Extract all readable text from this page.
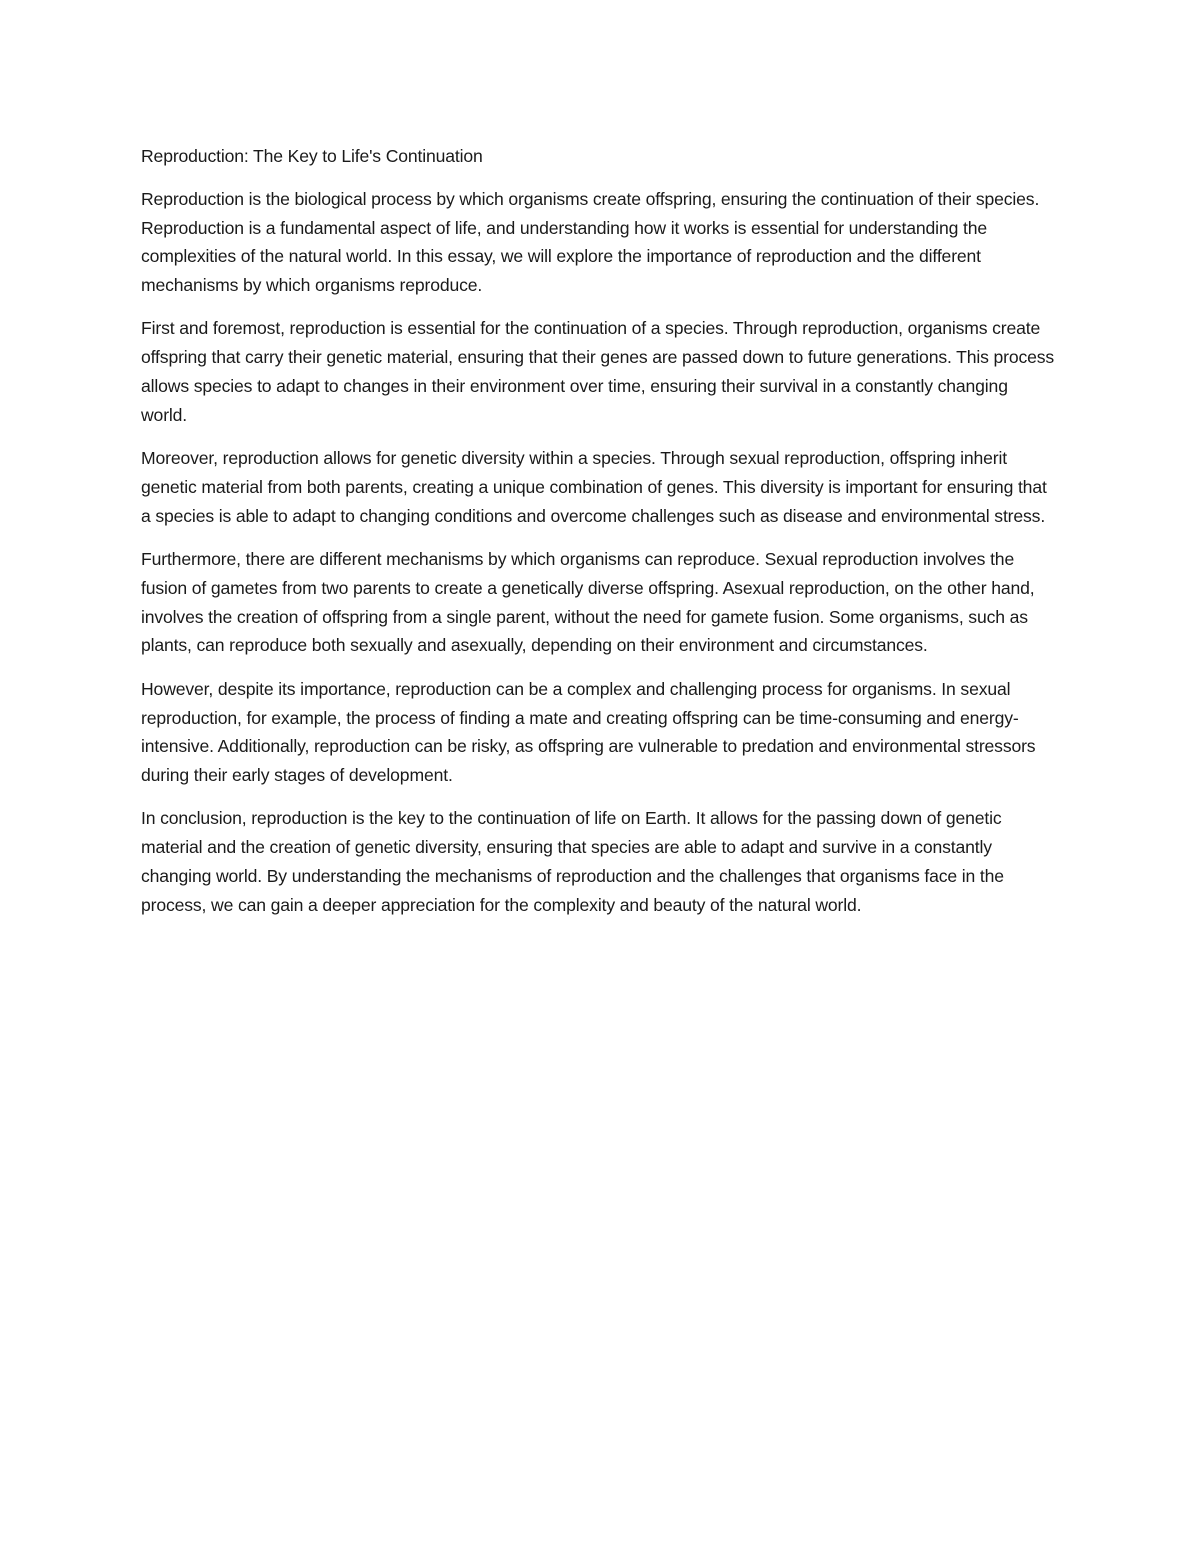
Reproduction: The Key to Life's Continuation

Reproduction is the biological process by which organisms create offspring, ensuring the continuation of their species. Reproduction is a fundamental aspect of life, and understanding how it works is essential for understanding the complexities of the natural world. In this essay, we will explore the importance of reproduction and the different mechanisms by which organisms reproduce.

First and foremost, reproduction is essential for the continuation of a species. Through reproduction, organisms create offspring that carry their genetic material, ensuring that their genes are passed down to future generations. This process allows species to adapt to changes in their environment over time, ensuring their survival in a constantly changing world.

Moreover, reproduction allows for genetic diversity within a species. Through sexual reproduction, offspring inherit genetic material from both parents, creating a unique combination of genes. This diversity is important for ensuring that a species is able to adapt to changing conditions and overcome challenges such as disease and environmental stress.

Furthermore, there are different mechanisms by which organisms can reproduce. Sexual reproduction involves the fusion of gametes from two parents to create a genetically diverse offspring. Asexual reproduction, on the other hand, involves the creation of offspring from a single parent, without the need for gamete fusion. Some organisms, such as plants, can reproduce both sexually and asexually, depending on their environment and circumstances.

However, despite its importance, reproduction can be a complex and challenging process for organisms. In sexual reproduction, for example, the process of finding a mate and creating offspring can be time-consuming and energy-intensive. Additionally, reproduction can be risky, as offspring are vulnerable to predation and environmental stressors during their early stages of development.

In conclusion, reproduction is the key to the continuation of life on Earth. It allows for the passing down of genetic material and the creation of genetic diversity, ensuring that species are able to adapt and survive in a constantly changing world. By understanding the mechanisms of reproduction and the challenges that organisms face in the process, we can gain a deeper appreciation for the complexity and beauty of the natural world.
